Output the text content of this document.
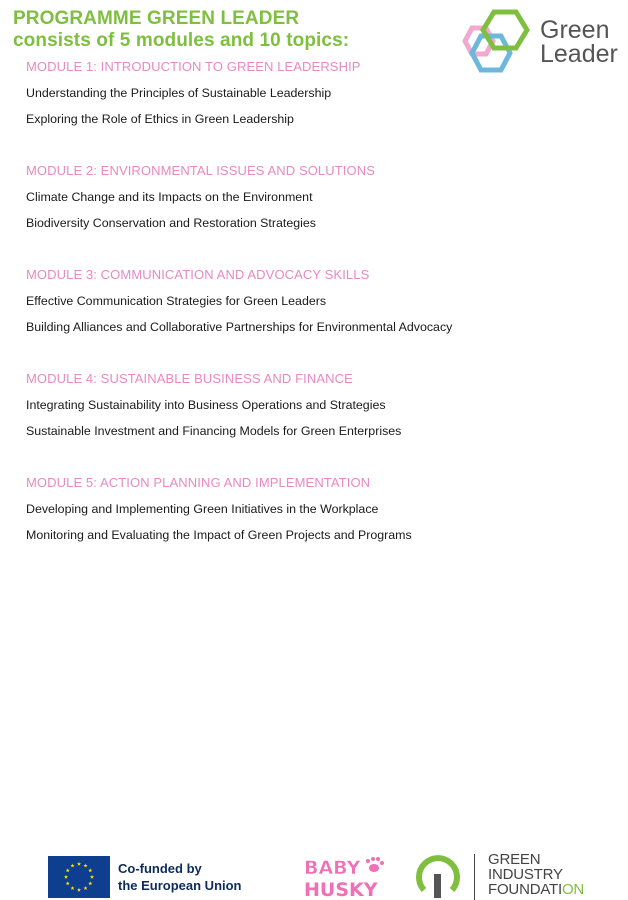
PROGRAMME GREEN LEADER
consists of 5 modules and 10 topics:	Green
Leader

MODULE 1: INTRODUCTION TO GREEN LEADERSHIP

Understanding the Principles of Sustainable Leadership

Exploring the Role of Ethics in Green Leadership

MODULE 2: ENVIRONMENTAL ISSUES AND SOLUTIONS

Climate Change and its Impacts on the Environment

Biodiversity Conservation and Restoration Strategies

MODULE 3: COMMUNICATION AND ADVOCACY SKILLS

Effective Communication Strategies for Green Leaders

Building Alliances and Collaborative Partnerships for Environmental Advocacy

MODULE 4: SUSTAINABLE BUSINESS AND FINANCE

Integrating Sustainability into Business Operations and Strategies

Sustainable Investment and Financing Models for Green Enterprises

MODULE 5: ACTION PLANNING AND IMPLEMENTATION

Developing and Implementing Green Initiatives in the Workplace

Monitoring and Evaluating the Impact of Green Projects and Programs

Co-funded by
the European Union
BABY
HUSKY
GREEN
INDUSTRY
FOUNDATION
